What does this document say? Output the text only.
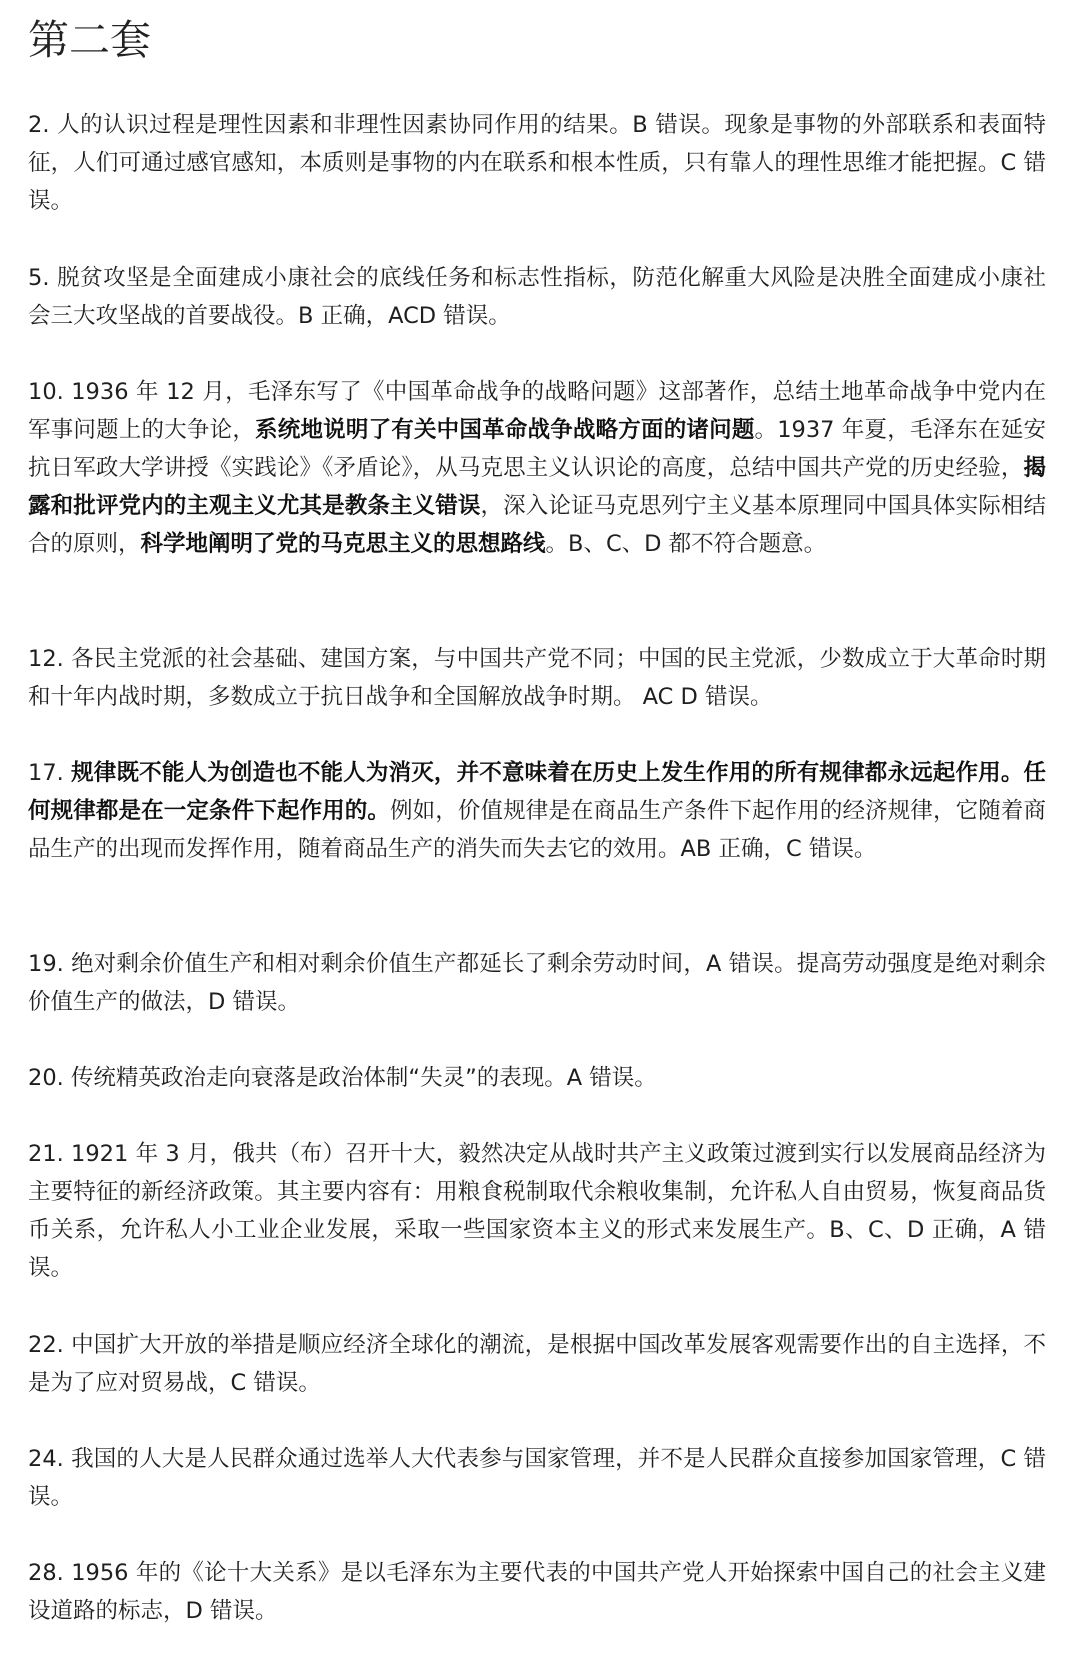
第二套

2. 人的认识过程是理性因素和非理性因素协同作用的结果。B 错误。现象是事物的外部联系和表面特征，人们可通过感官感知，本质则是事物的内在联系和根本性质，只有靠人的理性思维才能把握。C 错误。

5. 脱贫攻坚是全面建成小康社会的底线任务和标志性指标，防范化解重大风险是决胜全面建成小康社会三大攻坚战的首要战役。B 正确，ACD 错误。

10. 1936 年 12 月，毛泽东写了《中国革命战争的战略问题》这部著作，总结土地革命战争中党内在军事问题上的大争论，系统地说明了有关中国革命战争战略方面的诸问题。1937 年夏，毛泽东在延安抗日军政大学讲授《实践论》《矛盾论》，从马克思主义认识论的高度，总结中国共产党的历史经验，揭露和批评党内的主观主义尤其是教条主义错误，深入论证马克思列宁主义基本原理同中国具体实际相结合的原则，科学地阐明了党的马克思主义的思想路线。B、C、D 都不符合题意。

12. 各民主党派的社会基础、建国方案，与中国共产党不同；中国的民主党派，少数成立于大革命时期和十年内战时期，多数成立于抗日战争和全国解放战争时期。 AC D 错误。

17. 规律既不能人为创造也不能人为消灭，并不意味着在历史上发生作用的所有规律都永远起作用。任何规律都是在一定条件下起作用的。例如，价值规律是在商品生产条件下起作用的经济规律，它随着商品生产的出现而发挥作用，随着商品生产的消失而失去它的效用。AB 正确，C 错误。

19. 绝对剩余价值生产和相对剩余价值生产都延长了剩余劳动时间，A 错误。提高劳动强度是绝对剩余价值生产的做法，D 错误。

20. 传统精英政治走向衰落是政治体制“失灵”的表现。A 错误。

21. 1921 年 3 月，俄共（布）召开十大，毅然决定从战时共产主义政策过渡到实行以发展商品经济为主要特征的新经济政策。其主要内容有：用粮食税制取代余粮收集制，允许私人自由贸易，恢复商品货币关系，允许私人小工业企业发展，采取一些国家资本主义的形式来发展生产。B、C、D 正确，A 错误。

22. 中国扩大开放的举措是顺应经济全球化的潮流，是根据中国改革发展客观需要作出的自主选择，不是为了应对贸易战，C 错误。

24. 我国的人大是人民群众通过选举人大代表参与国家管理，并不是人民群众直接参加国家管理，C 错误。

28. 1956 年的《论十大关系》是以毛泽东为主要代表的中国共产党人开始探索中国自己的社会主义建设道路的标志，D 错误。
